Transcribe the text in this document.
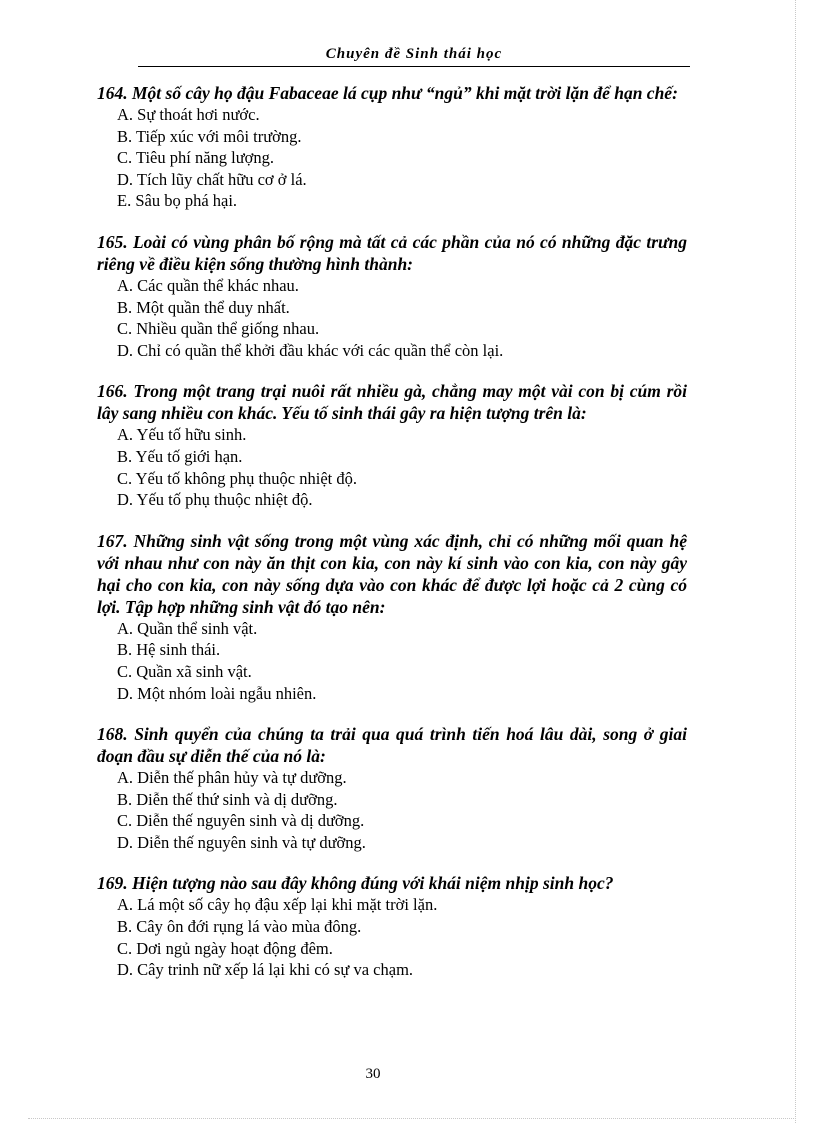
Chuyên đề Sinh thái học

164. Một số cây họ đậu Fabaceae lá cụp như “ngủ” khi mặt trời lặn để hạn chế:

A. Sự thoát hơi nước.
B. Tiếp xúc với môi trường.
C. Tiêu phí năng lượng.
D. Tích lũy chất hữu cơ ở lá.
E. Sâu bọ phá hại.

165. Loài có vùng phân bố rộng mà tất cả các phần của nó có những đặc trưng riêng về điều kiện sống thường hình thành:

A. Các quần thể khác nhau.
B. Một quần thể duy nhất.
C. Nhiều quần thể giống nhau.
D. Chỉ có quần thể khởi đầu khác với các quần thể còn lại.

166. Trong một trang trại nuôi rất nhiều gà, chẳng may một vài con bị cúm rồi lây sang nhiều con khác. Yếu tố sinh thái gây ra hiện tượng trên là:

A. Yếu tố hữu sinh.
B. Yếu tố giới hạn.
C. Yếu tố không phụ thuộc nhiệt độ.
D. Yếu tố phụ thuộc nhiệt độ.

167. Những sinh vật sống trong một vùng xác định, chỉ có những mối quan hệ với nhau như con này ăn thịt con kia, con này kí sinh vào con kia, con này gây hại cho con kia, con này sống dựa vào con khác để được lợi hoặc cả 2 cùng có lợi. Tập hợp những sinh vật đó tạo nên:

A. Quần thể sinh vật.
B. Hệ sinh thái.
C. Quần xã sinh vật.
D. Một nhóm loài ngẫu nhiên.

168. Sinh quyển của chúng ta trải qua quá trình tiến hoá lâu dài, song ở giai đoạn đầu sự diễn thế của nó là:

A. Diễn thế phân hủy và tự dưỡng.
B. Diễn thế thứ sinh và dị dưỡng.
C. Diễn thế nguyên sinh và dị dưỡng.
D. Diễn thế nguyên sinh và tự dưỡng.

169. Hiện tượng nào sau đây không đúng với khái niệm nhịp sinh học?

A. Lá một số cây họ đậu xếp lại khi mặt trời lặn.
B. Cây ôn đới rụng lá vào mùa đông.
C. Dơi ngủ ngày hoạt động đêm.
D. Cây trinh nữ xếp lá lại khi có sự va chạm.
30
